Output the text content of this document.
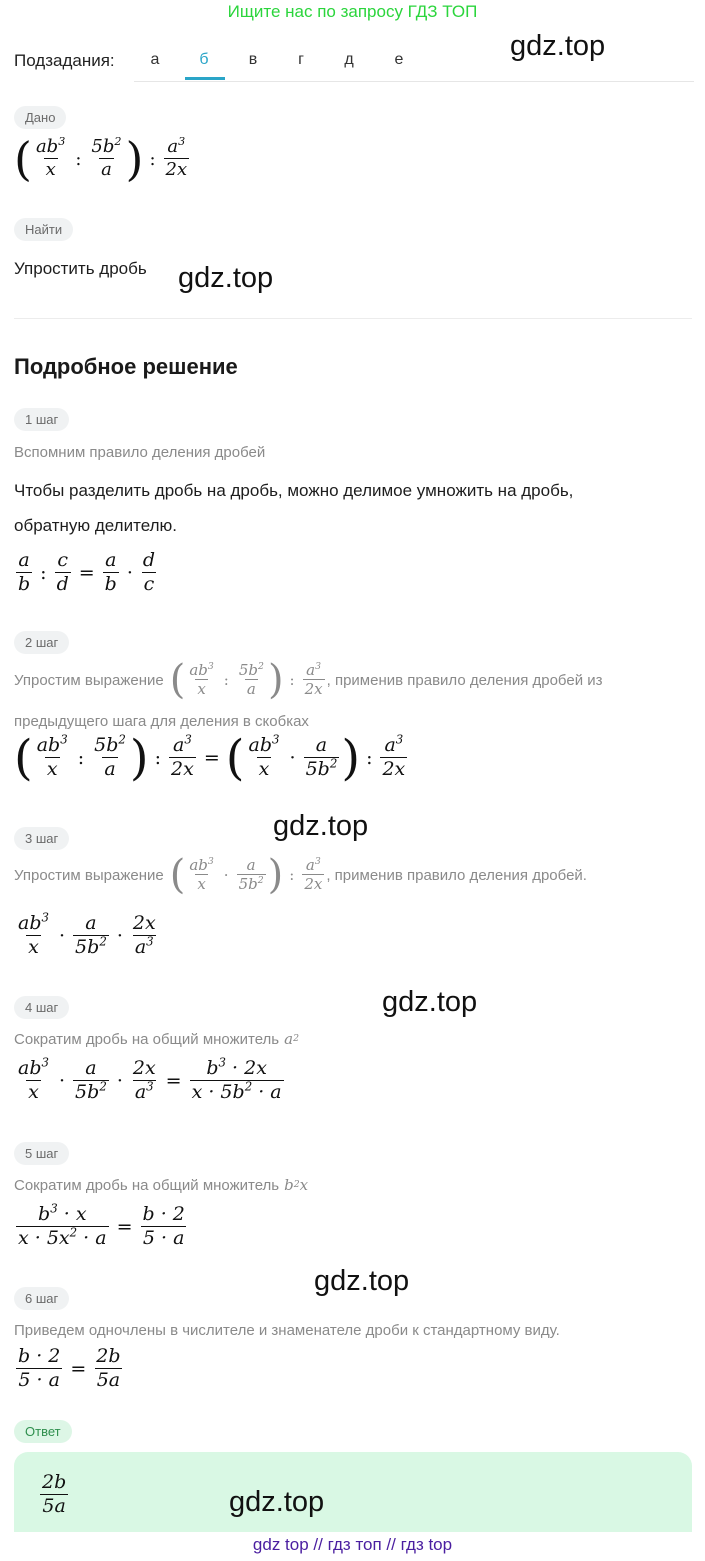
Ищите нас по запросу ГДЗ ТОП
gdz.top
Подзадания:	а	б	в	г	д	е
Дано
( $\frac{ab^3}{x}$ : $\frac{5b^2}{a}$ ) : $\frac{a^3}{2x}$
Найти
Упростить дробь gdz.top
Подробное решение
1 шаг
Вспомним правило деления дробей
Чтобы разделить дробь на дробь, можно делимое умножить на дробь,
обратную делителю.
$\frac{a}{b}$ : $\frac{c}{d} = \frac{a}{b} \cdot \frac{d}{c}$
2 шаг
Упростим выражение ( $\frac{ab^3}{x}$ : $\frac{5b^2}{a}$ ) : $\frac{a^3}{2x}$ , применив правило деления дробей из
предыдущего шага для деления в скобках
( $\frac{ab^3}{x}$ : $\frac{5b^2}{a}$ ) : $\frac{a^3}{2x}$ = ( $\frac{ab^3}{x} \cdot \frac{a}{5b^2}$ ) : $\frac{a^3}{2x}$
gdz.top
3 шаг
Упростим выражение ( $\frac{ab^3}{x} \cdot \frac{a}{5b^2}$ ) : $\frac{a^3}{2x}$ , применив правило деления дробей.
$\frac{ab^3}{x} \cdot \frac{a}{5b^2} \cdot \frac{2x}{a^3}$
gdz.top
4 шаг
Сократим дробь на общий множитель a 2
$\frac{ab^3}{x} \cdot \frac{a}{5b^2} \cdot \frac{2x}{a^3} = \frac{b^3 \cdot 2x}{x \cdot 5b^2 \cdot a}$
5 шаг
Сократим дробь на общий множитель b 2 x
$\frac{b^3 \cdot x}{x \cdot 5x^2 \cdot a} = \frac{b \cdot 2}{5 \cdot a}$
gdz.top
6 шаг
Приведем одночлены в числителе и знаменателе дроби к стандартному виду.
$\frac{b \cdot 2}{5 \cdot a} = \frac{2b}{5a}$
Ответ
$\frac{2b}{5a}$	gdz.top
gdz top // гдз топ // гдз top
